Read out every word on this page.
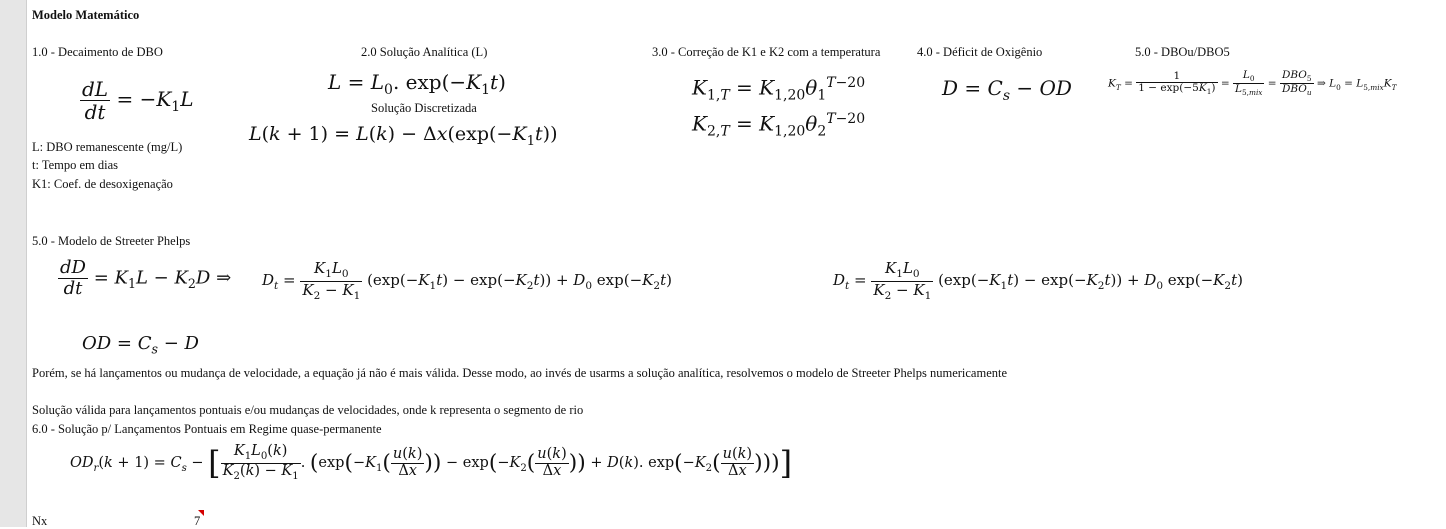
Modelo Matemático
1.0 - Decaimento de DBO	2.0 Solução Analítica (L)	3.0 - Correção de K1 e K2 com a temperatura	4.0 - Déficit de Oxigênio	5.0 - DBOu/DBO5
$\frac{dL}{dt} = -K_1L$
$L = L_0$. $\exp(-K_1t)$
Solução Discretizada
$L(k + 1) = L(k) - \Delta x(\exp(-K_1t))$
$K_{1,T} = K_{1,20}\theta_1^{T-20}$
$K_{2,T} = K_{1,20}\theta_2^{T-20}$
$D = C_s$ − OD	$K_T = \frac{1}{1 - \exp(-5K_1)} = \frac{L_0}{L_{5,mix}} = \frac{DBO_5}{DBO_u}$ ⇒ $L_0 = L_{5,mix}K_T$
L: DBO remanescente (mg/L)
t: Tempo em dias
K1: Coef. de desoxigenação
5.0 - Modelo de Streeter Phelps
$\frac{dD}{dt} = K_1L - K_2D$ ⇒ $D_t = \frac{K_1L_0}{K_2 - K_1} (\exp(-K_1t) - \exp(-K_2t)) + D_0$ $\exp(-K_2t)$	$D_t = \frac{K_1L_0}{K_2 - K_1} (\exp(-K_1t) - \exp(-K_2t)) + D_0$ $\exp(-K_2t)$
OD = $C_s - D$
Porém, se há lançamentos ou mudança de velocidade, a equação já não é mais válida. Desse modo, ao invés de usarms a solução analítica, resolvemos o modelo de Streeter Phelps numericamente
Solução válida para lançamentos pontuais e/ou mudanças de velocidades, onde k representa o segmento de rio
6.0 - Solução p/ Lançamentos Pontuais em Regime quase-permanente
$OD_r(k + 1) = C_s$ − [ $\frac{K_1L_0(k)}{K_2(k) - K_1}$ . ($\exp(-K_1( \frac{u(k)}{\Delta x}$ )) − $\exp(-K_2( \frac{u(k)}{\Delta x}$ )) + D(k). $\exp(-K_2( \frac{u(k)}{\Delta x}$ )))]
Nx	7
